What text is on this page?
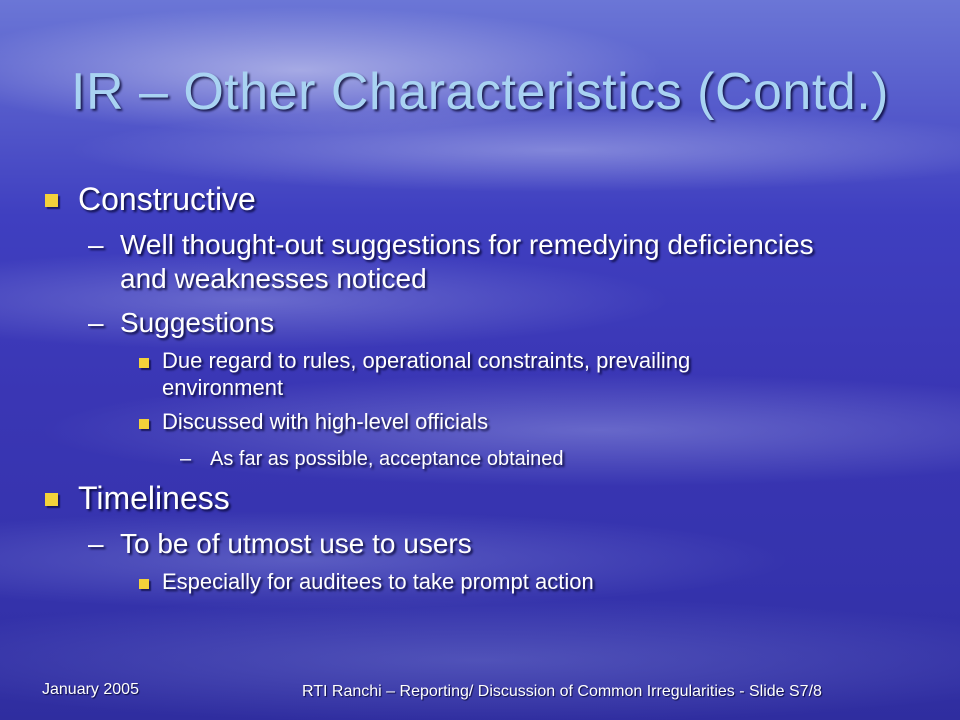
IR – Other Characteristics (Contd.)
Constructive
– Well thought-out suggestions for remedying deficiencies
and weaknesses noticed
– Suggestions
Due regard to rules, operational constraints, prevailing
environment
Discussed with high-level officials
– As far as possible, acceptance obtained
Timeliness
– To be of utmost use to users
Especially for auditees to take prompt action
January 2005	RTI Ranchi – Reporting/ Discussion of Common Irregularities - Slide S7/8
